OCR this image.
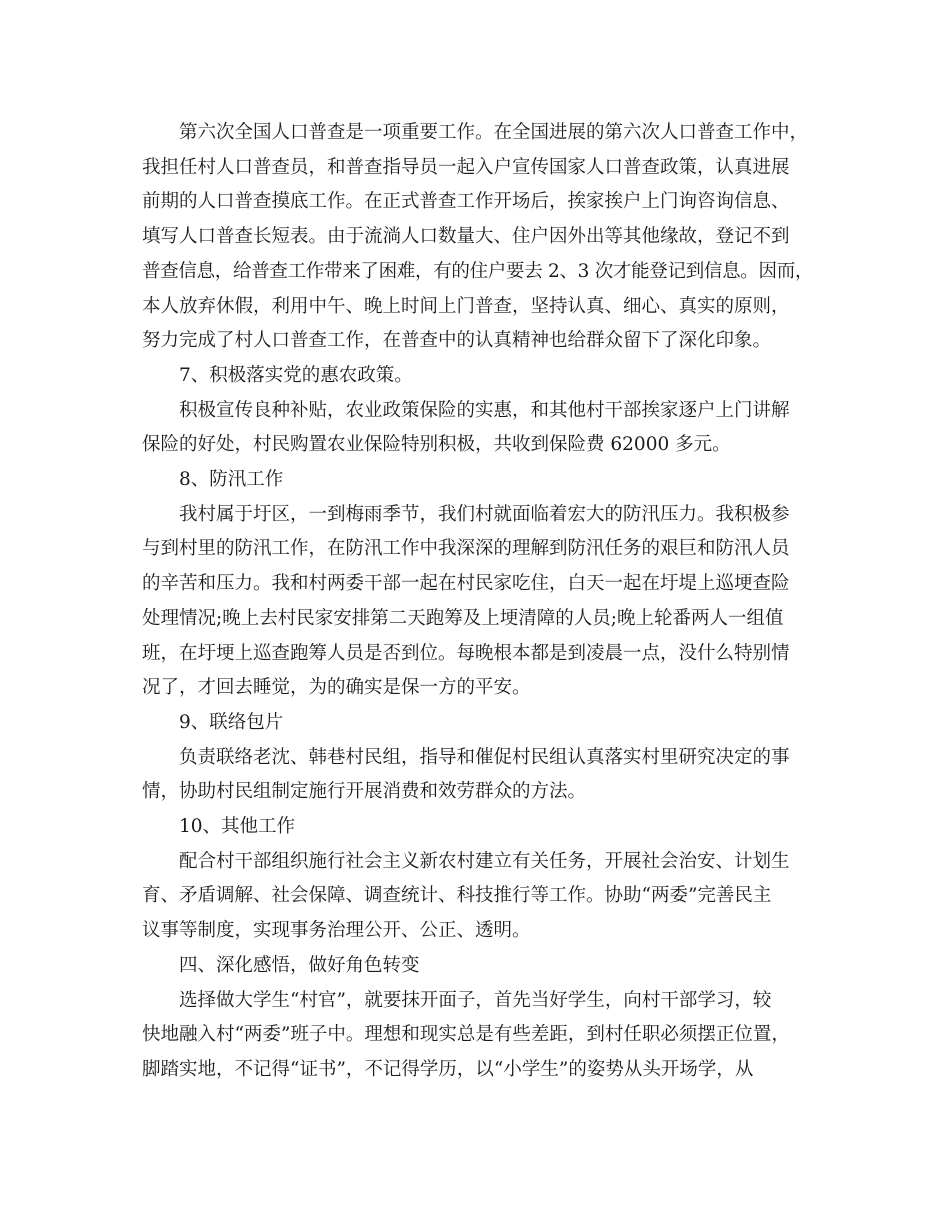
第六次全国人口普查是一项重要工作。在全国进展的第六次人口普查工作中，
我担任村人口普查员，和普查指导员一起入户宣传国家人口普查政策，认真进展
前期的人口普查摸底工作。在正式普查工作开场后，挨家挨户上门询咨询信息、
填写人口普查长短表。由于流淌人口数量大、住户因外出等其他缘故，登记不到
普查信息，给普查工作带来了困难，有的住户要去 2、3 次才能登记到信息。因而，
本人放弃休假，利用中午、晚上时间上门普查，坚持认真、细心、真实的原则，
努力完成了村人口普查工作，在普查中的认真精神也给群众留下了深化印象。

7、积极落实党的惠农政策。

积极宣传良种补贴，农业政策保险的实惠，和其他村干部挨家逐户上门讲解
保险的好处，村民购置农业保险特别积极，共收到保险费 62000 多元。

8、防汛工作

我村属于圩区，一到梅雨季节，我们村就面临着宏大的防汛压力。我积极参
与到村里的防汛工作，在防汛工作中我深深的理解到防汛任务的艰巨和防汛人员
的辛苦和压力。我和村两委干部一起在村民家吃住，白天一起在圩堤上巡埂查险
处理情况;晚上去村民家安排第二天跑筹及上埂清障的人员;晚上轮番两人一组值
班，在圩埂上巡查跑筹人员是否到位。每晚根本都是到凌晨一点，没什么特别情
况了，才回去睡觉，为的确实是保一方的平安。

9、联络包片

负责联络老沈、韩巷村民组，指导和催促村民组认真落实村里研究决定的事
情，协助村民组制定施行开展消费和效劳群众的方法。

10、其他工作

配合村干部组织施行社会主义新农村建立有关任务，开展社会治安、计划生
育、矛盾调解、社会保障、调查统计、科技推行等工作。协助“两委”完善民主
议事等制度，实现事务治理公开、公正、透明。

四、深化感悟，做好角色转变

选择做大学生“村官”，就要抹开面子，首先当好学生，向村干部学习，较
快地融入村“两委”班子中。理想和现实总是有些差距，到村任职必须摆正位置，
脚踏实地，不记得“证书”，不记得学历，以“小学生”的姿势从头开场学，从
